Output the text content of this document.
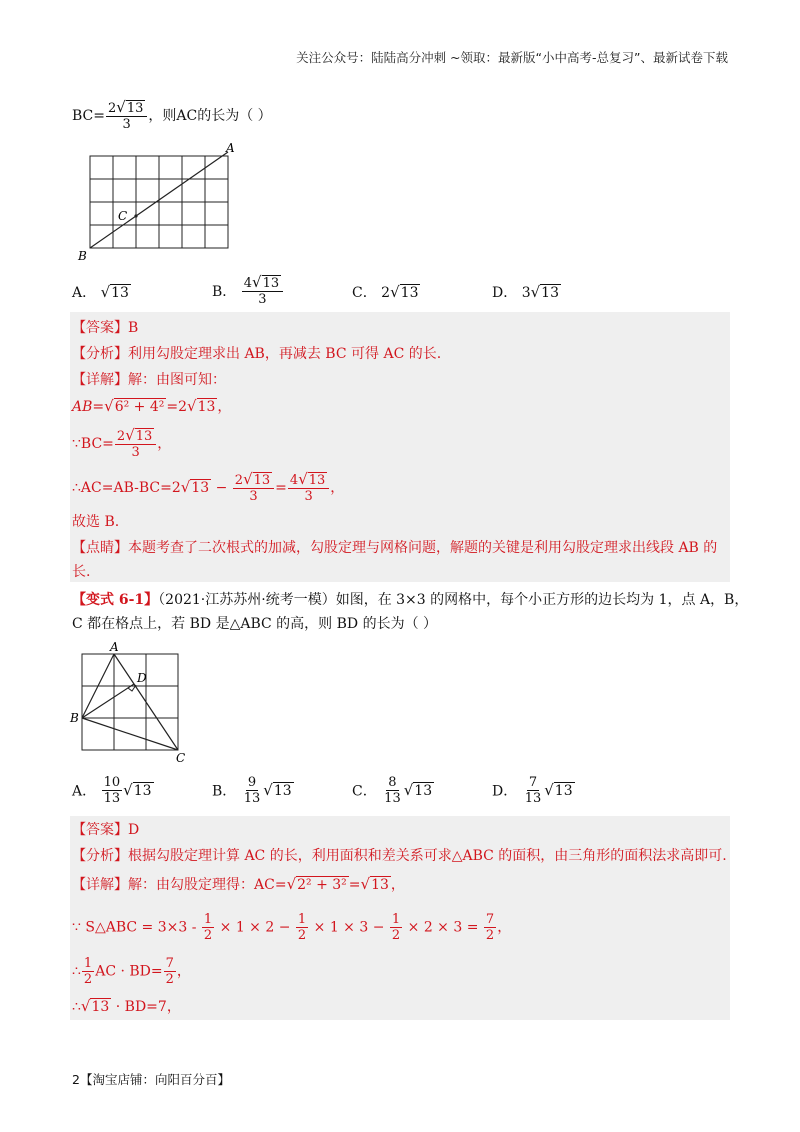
关注公众号：陆陆高分冲刺 ~领取：最新版“小中高考-总复习”、最新试卷下载
$BC= \frac{2√13}{3}$ ，则AC的长为（ ）
A
B
C
A． √13	B． $\frac{4√13}{3}$	C． 2√13	D． 3√13
【答案】B
【分析】利用勾股定理求出 AB，再减去 BC 可得 AC 的长.
【详解】解：由图可知：
AB=√6² + 4² =2√13 ，
∵BC= $\frac{2√13}{3}$ ，
∴AC=AB-BC=2√13 − $\frac{2√13}{3} = \frac{4√13}{3}$ ，
故选 B.
【点睛】本题考查了二次根式的加减，勾股定理与网格问题，解题的关键是利用勾股定理求出线段 AB 的
长.
【变式 6-1】（2021·江苏苏州·统考一模）如图，在 3×3 的网格中，每个小正方形的边长均为 1，点 A，B，
C 都在格点上，若 BD 是△ABC 的高，则 BD 的长为（ ）
A
B
C
D
A． $\frac{10}{13} √13$	B． $\frac{9}{13} √13$	C． $\frac{8}{13} √13$	D． $\frac{7}{13} √13$
【答案】D
【分析】根据勾股定理计算 AC 的长，利用面积和差关系可求△ABC 的面积，由三角形的面积法求高即可.
【详解】解：由勾股定理得：AC=√2² + 3² =√13 ，
∵ S△ABC = $3\times 3 - \frac{1}{2} \times 1 \times 2 - \frac{1}{2} \times 1 \times 3 - \frac{1}{2} \times 2 \times 3 = \frac{7}{2}$ ，
∴ $\frac{1}{2}$ AC · $BD= \frac{7}{2}$ ，
∴√13 · BD=7，
2【淘宝店铺：向阳百分百】
